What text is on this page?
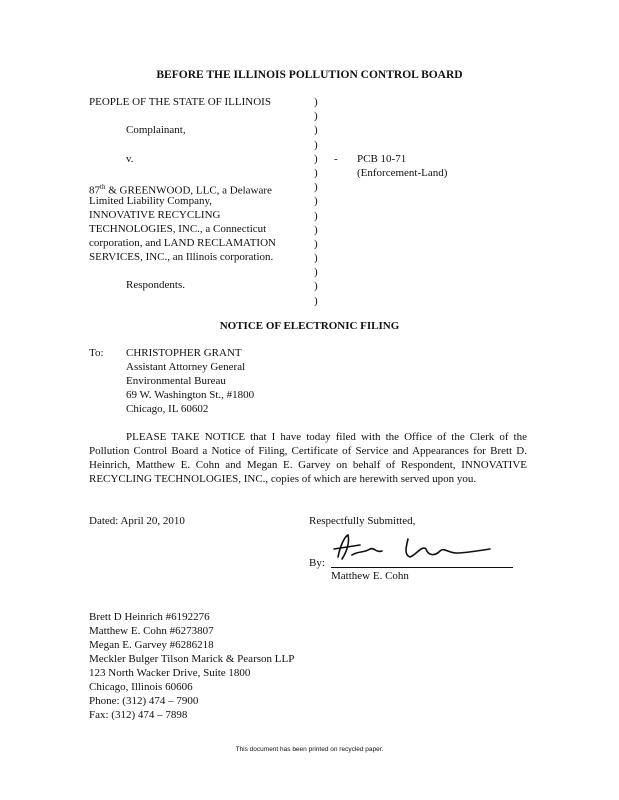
BEFORE THE ILLINOIS POLLUTION CONTROL BOARD
PEOPLE OF THE STATE OF ILLINOIS
Complainant,
v.
87th & GREENWOOD, LLC, a Delaware
Limited Liability Company,
INNOVATIVE RECYCLING
TECHNOLOGIES, INC., a Connecticut
corporation, and LAND RECLAMATION
SERVICES, INC., an Illinois corporation.
Respondents.
)
)
)
)
)
)
)
)
)
)
)
)
)
)
)
- PCB 10-71
(Enforcement-Land)
NOTICE OF ELECTRONIC FILING
To: CHRISTOPHER GRANT
Assistant Attorney General
Environmental Bureau
69 W. Washington St., #1800
Chicago, IL 60602
PLEASE TAKE NOTICE that I have today filed with the Office of the Clerk of the Pollution Control Board a Notice of Filing, Certificate of Service and Appearances for Brett D. Heinrich, Matthew E. Cohn and Megan E. Garvey on behalf of Respondent, INNOVATIVE RECYCLING TECHNOLOGIES, INC., copies of which are herewith served upon you.
Dated: April 20, 2010	Respectfully Submitted,
By:
Matthew E. Cohn
Brett D Heinrich #6192276
Matthew E. Cohn #6273807
Megan E. Garvey #6286218
Meckler Bulger Tilson Marick & Pearson LLP
123 North Wacker Drive, Suite 1800
Chicago, Illinois 60606
Phone: (312) 474 – 7900
Fax: (312) 474 – 7898
This document has been printed on recycled paper.
